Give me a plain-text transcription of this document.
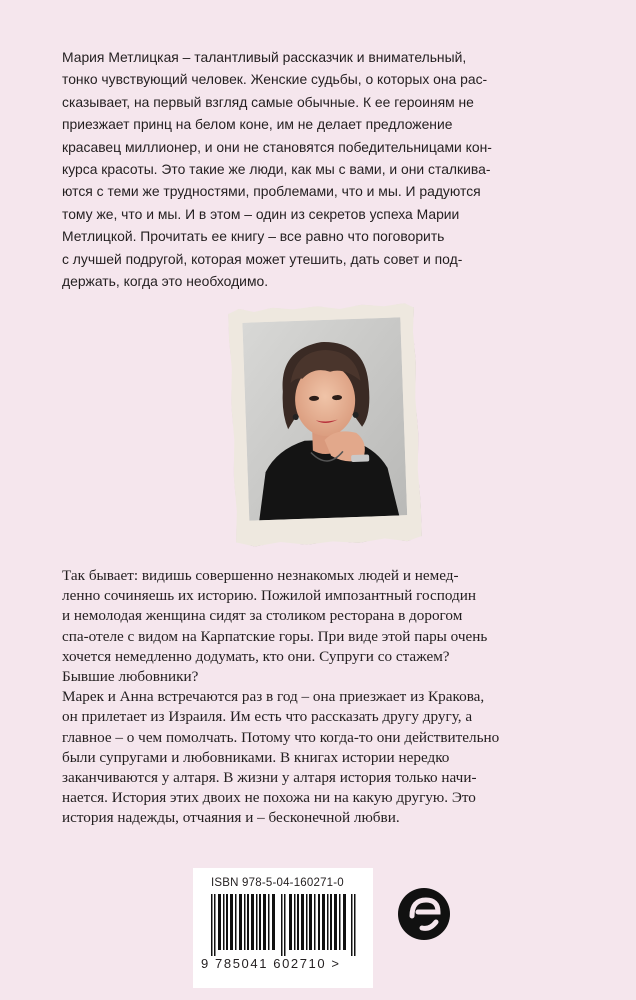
Мария Метлицкая – талантливый рассказчик и внимательный,
тонко чувствующий человек. Женские судьбы, о которых она рас-
сказывает, на первый взгляд самые обычные. К ее героиням не
приезжает принц на белом коне, им не делает предложение
красавец миллионер, и они не становятся победительницами кон-
курса красоты. Это такие же люди, как мы с вами, и они сталкива-
ются с теми же трудностями, проблемами, что и мы. И радуются
тому же, что и мы. И в этом – один из секретов успеха Марии
Метлицкой. Прочитать ее книгу – все равно что поговорить
с лучшей подругой, которая может утешить, дать совет и под-
держать, когда это необходимо.
Так бывает: видишь совершенно незнакомых людей и немед-
ленно сочиняешь их историю. Пожилой импозантный господин
и немолодая женщина сидят за столиком ресторана в дорогом
спа-отеле с видом на Карпатские горы. При виде этой пары очень
хочется немедленно додумать, кто они. Супруги со стажем?
Бывшие любовники?
Марек и Анна встречаются раз в год – она приезжает из Кракова,
он прилетает из Израиля. Им есть что рассказать другу другу, а
главное – о чем помолчать. Потому что когда-то они действительно
были супругами и любовниками. В книгах истории нередко
заканчиваются у алтаря. В жизни у алтаря история только начи-
нается. История этих двоих не похожа ни на какую другую. Это
история надежды, отчаяния и – бесконечной любви.
ISBN 978-5-04-160271-0
9 785041 602710 >
